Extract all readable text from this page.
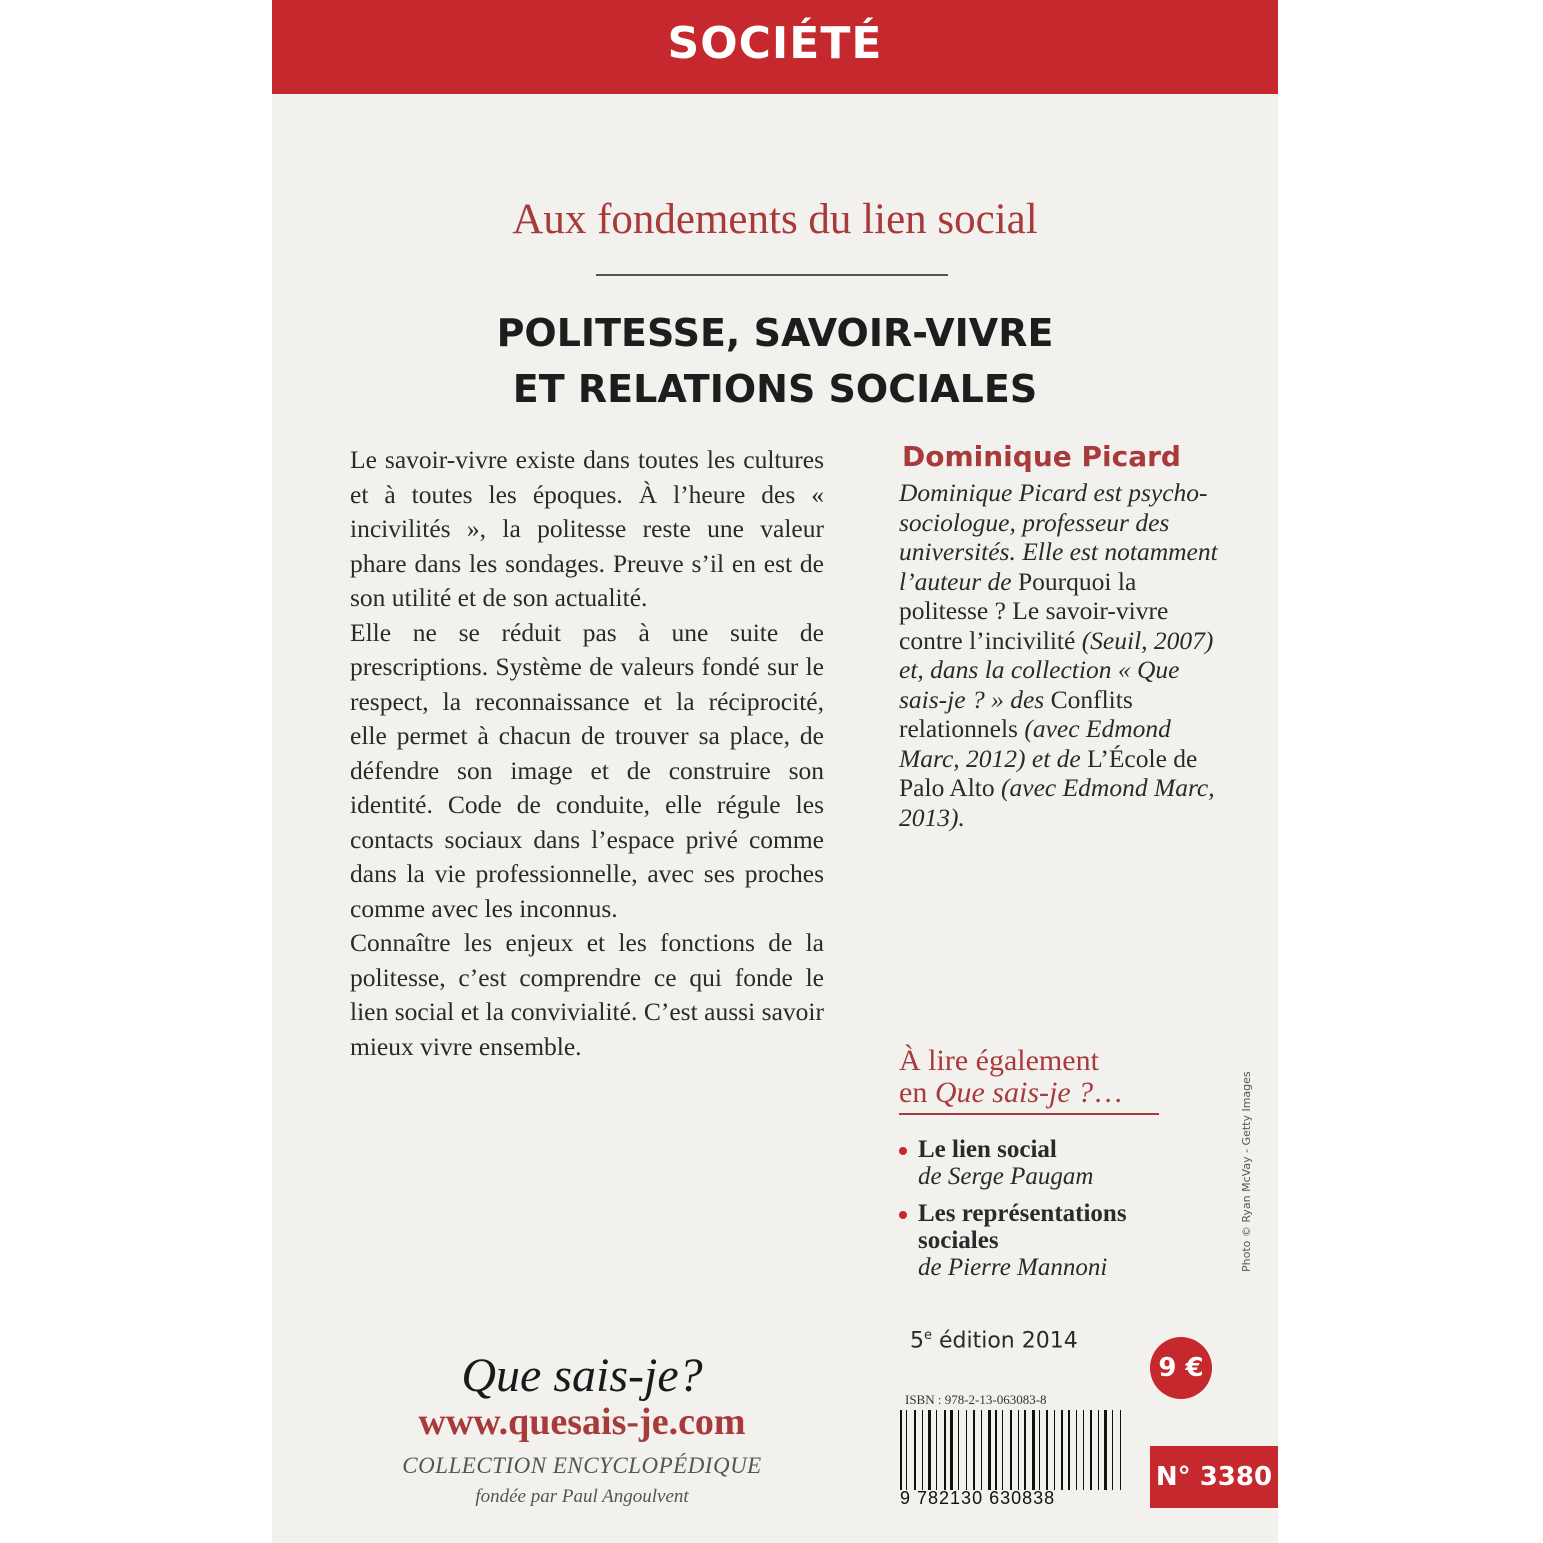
SOCIÉTÉ
Aux fondements du lien social
POLITESSE, SAVOIR-VIVRE
ET RELATIONS SOCIALES

Le savoir-vivre existe dans toutes les cultures et à toutes les époques. À l’heure des « incivilités », la politesse reste une valeur phare dans les sondages. Preuve s’il en est de son utilité et de son actualité.

Elle ne se réduit pas à une suite de prescriptions. Système de valeurs fondé sur le respect, la reconnaissance et la réciprocité, elle permet à chacun de trouver sa place, de défendre son image et de construire son identité. Code de conduite, elle régule les contacts sociaux dans l’espace privé comme dans la vie professionnelle, avec ses proches comme avec les inconnus.

Connaître les enjeux et les fonctions de la politesse, c’est comprendre ce qui fonde le lien social et la convivialité. C’est aussi savoir mieux vivre ensemble.

Dominique Picard
Dominique Picard est psycho-sociologue, professeur des universités. Elle est notamment l’auteur de Pourquoi la politesse ? Le savoir-vivre contre l’incivilité (Seuil, 2007) et, dans la collection « Que sais-je ? » des Conflits relationnels (avec Edmond Marc, 2012) et de L’École de Palo Alto (avec Edmond Marc, 2013).
À lire également
en Que sais-je ?…
Le lien social
de Serge Paugam
Les représentations sociales
de Pierre Mannoni	Photo © Ryan McVay - Getty Images
5e édition 2014
9 €
ISBN : 978-2-13-063083-8
9 782130 630838
N° 3380
Que sais-je?
www.quesais-je.com
COLLECTION ENCYCLOPÉDIQUE
fondée par Paul Angoulvent
